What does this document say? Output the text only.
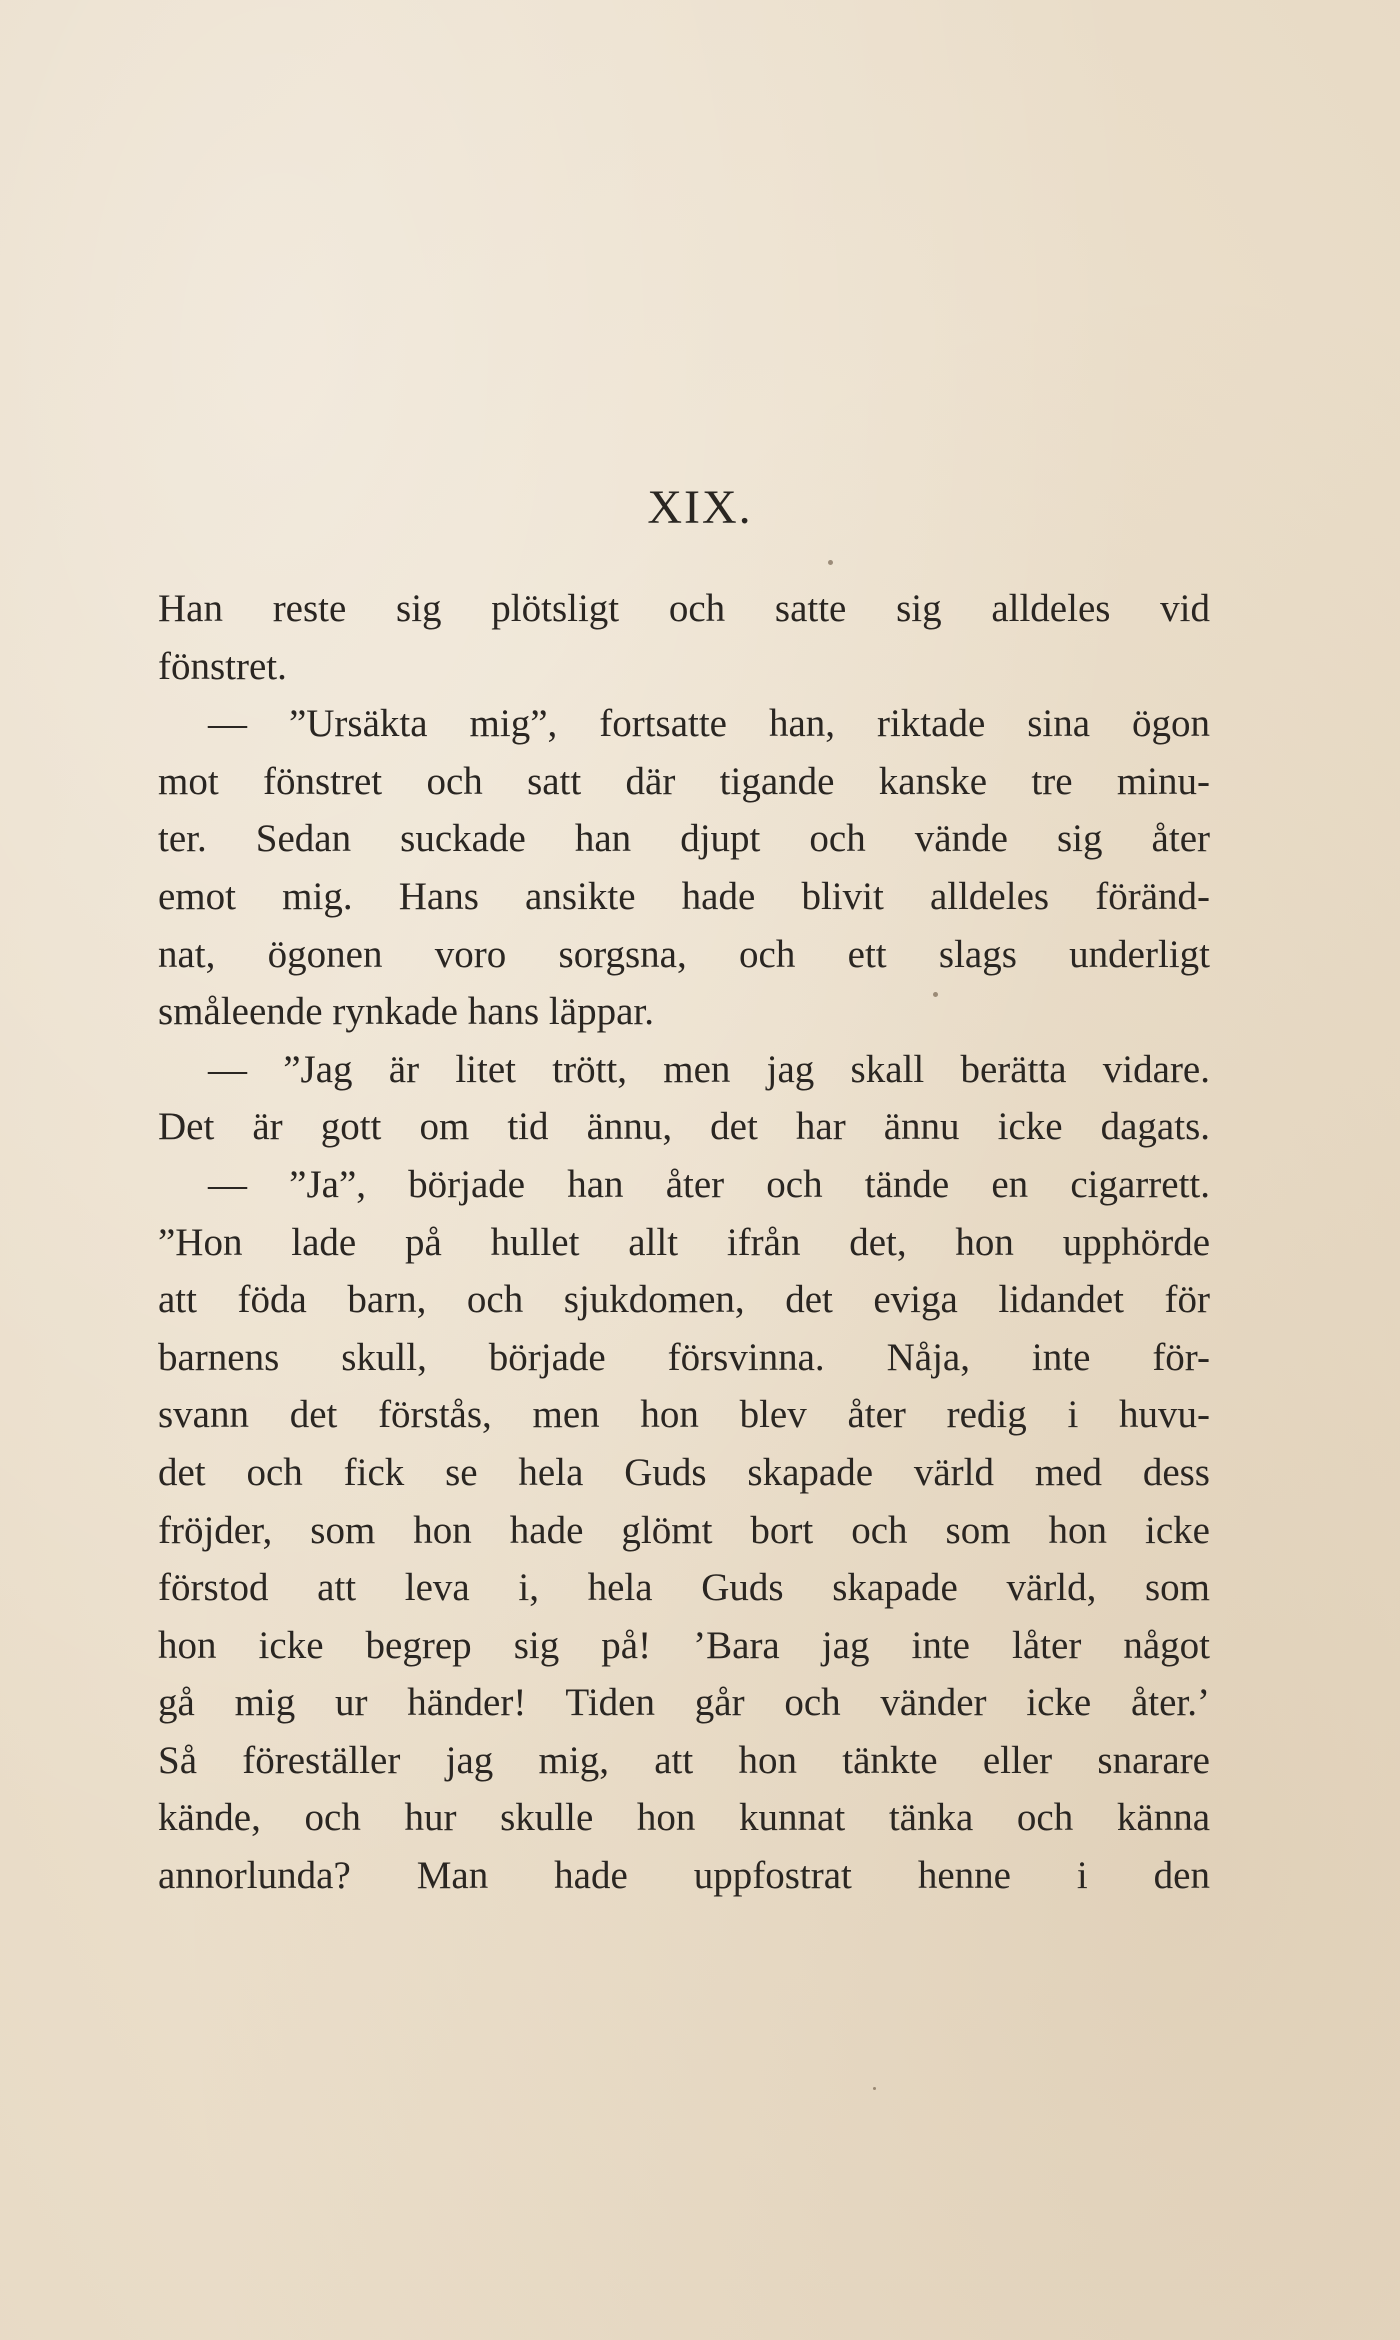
XIX.
Han reste sig plötsligt och satte sig alldeles vid
fönstret.
— ”Ursäkta mig”, fortsatte han, riktade sina ögon
mot fönstret och satt där tigande kanske tre minu-
ter. Sedan suckade han djupt och vände sig åter
emot mig. Hans ansikte hade blivit alldeles föränd-
nat, ögonen voro sorgsna, och ett slags underligt
småleende rynkade hans läppar.
— ”Jag är litet trött, men jag skall berätta vidare.
Det är gott om tid ännu, det har ännu icke dagats.
— ”Ja”, började han åter och tände en cigarrett.
”Hon lade på hullet allt ifrån det, hon upphörde
att föda barn, och sjukdomen, det eviga lidandet för
barnens skull, började försvinna. Nåja, inte för-
svann det förstås, men hon blev åter redig i huvu-
det och fick se hela Guds skapade värld med dess
fröjder, som hon hade glömt bort och som hon icke
förstod att leva i, hela Guds skapade värld, som
hon icke begrep sig på! ’Bara jag inte låter något
gå mig ur händer! Tiden går och vänder icke åter.’
Så föreställer jag mig, att hon tänkte eller snarare
kände, och hur skulle hon kunnat tänka och känna
annorlunda? Man hade uppfostrat henne i den
